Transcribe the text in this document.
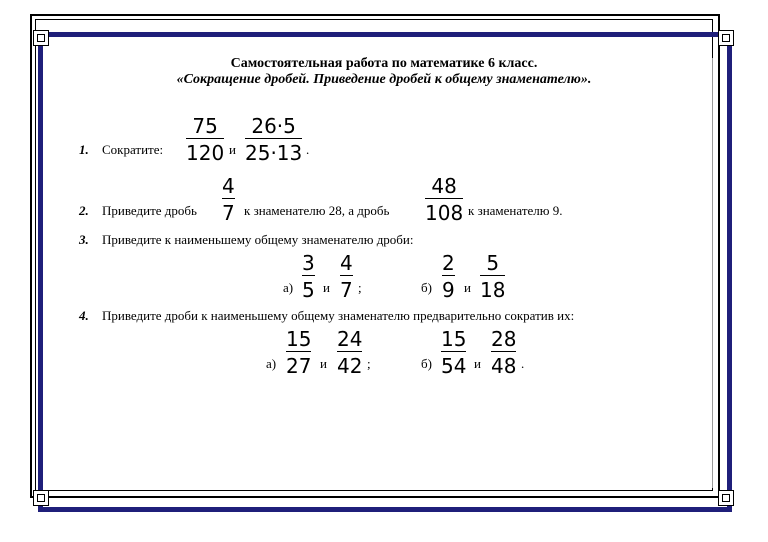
Самостоятельная работа по математике 6 класс.
«Сокращение дробей. Приведение дробей к общему знаменателю».
1. Сократите:
75
120 и
26·5
25·13 .
2. Приведите дробь
4
7 к знаменателю 28, а дробь
48
108 к знаменателю 9.
3. Приведите к наименьшему общему знаменателю дроби:
а)
3
5 и
4
7 ;	б)
2
9 и
5
18
4. Приведите дроби к наименьшему общему знаменателю предварительно сократив их:
а)
15
27 и
24
42 ;	б)
15
54 и
28
48 .
